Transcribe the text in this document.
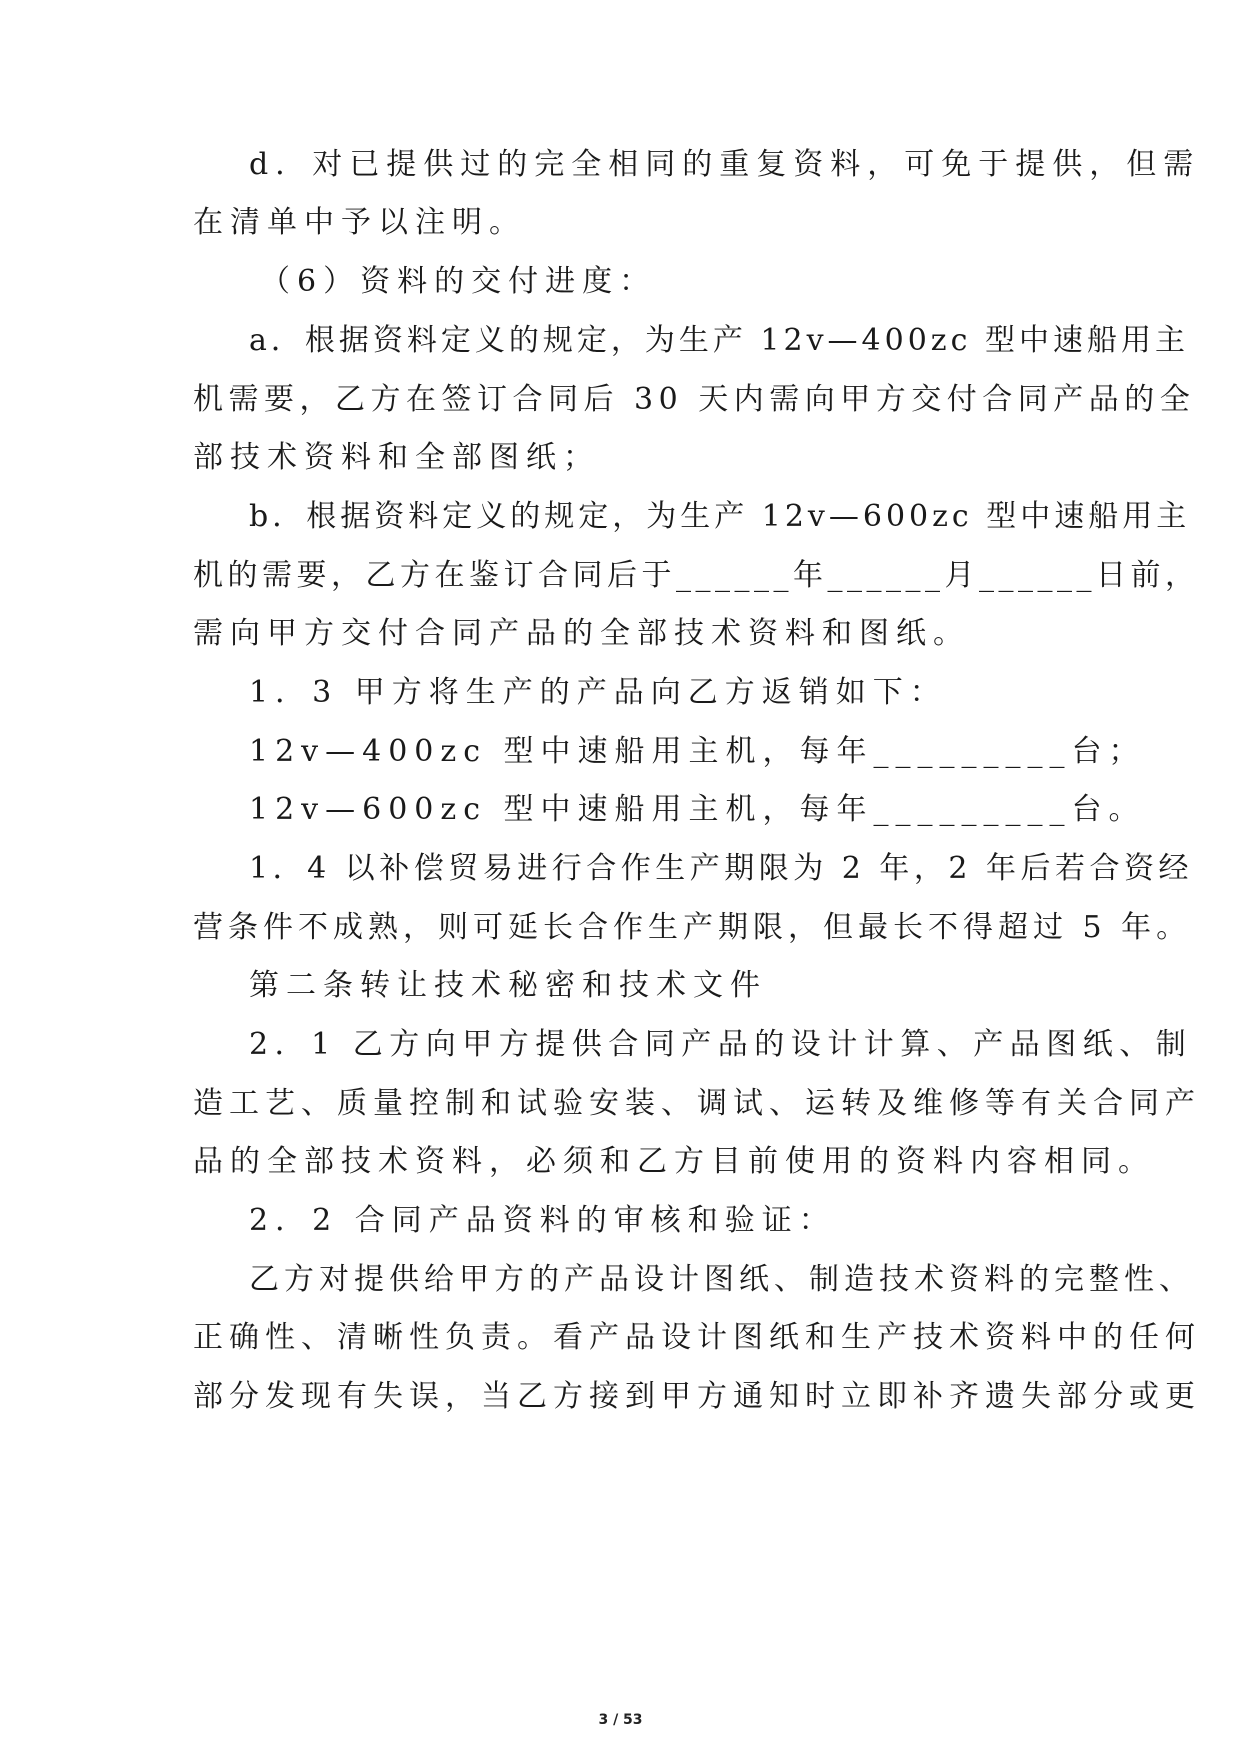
d．对已提供过的完全相同的重复资料，可免于提供，但需
在清单中予以注明。
（6）资料的交付进度：
a．根据资料定义的规定，为生产 12v—400zc 型中速船用主
机需要，乙方在签订合同后 30 天内需向甲方交付合同产品的全
部技术资料和全部图纸；
b．根据资料定义的规定，为生产 12v—600zc 型中速船用主
机的需要，乙方在鉴订合同后于______年______月______日前，
需向甲方交付合同产品的全部技术资料和图纸。
1．3 甲方将生产的产品向乙方返销如下：
12v—400zc 型中速船用主机，每年_________台；
12v—600zc 型中速船用主机，每年_________台。
1．4 以补偿贸易进行合作生产期限为 2 年，2 年后若合资经
营条件不成熟，则可延长合作生产期限，但最长不得超过 5 年。
第二条转让技术秘密和技术文件
2．1 乙方向甲方提供合同产品的设计计算、产品图纸、制
造工艺、质量控制和试验安装、调试、运转及维修等有关合同产
品的全部技术资料，必须和乙方目前使用的资料内容相同。
2．2 合同产品资料的审核和验证：
乙方对提供给甲方的产品设计图纸、制造技术资料的完整性、
正确性、清晰性负责。看产品设计图纸和生产技术资料中的任何
部分发现有失误，当乙方接到甲方通知时立即补齐遗失部分或更
3 / 53
